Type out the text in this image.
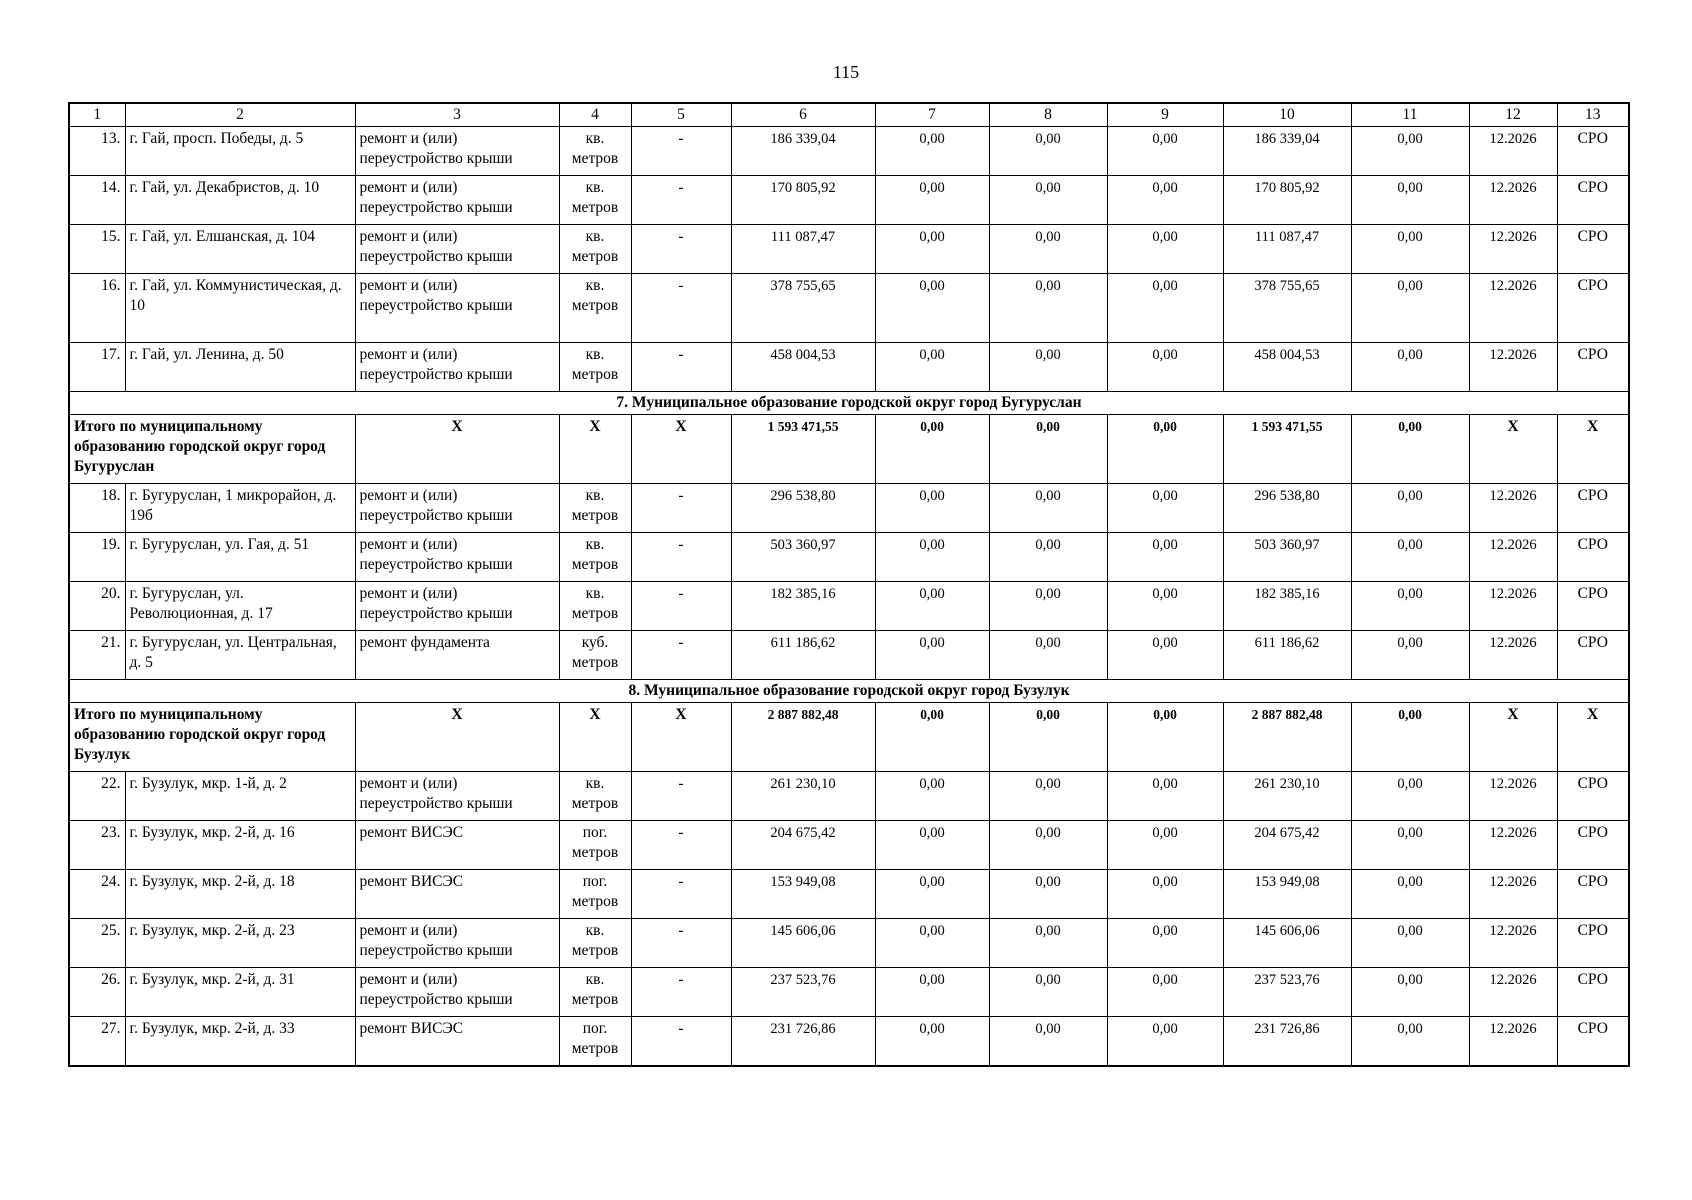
115
1	2	3	4	5	6	7	8	9	10	11	12	13
13.	г. Гай, просп. Победы, д. 5	ремонт и (или) переустройство крыши	кв. метров	-	186 339,04	0,00	0,00	0,00	186 339,04	0,00	12.2026	СРО
14.	г. Гай, ул. Декабристов, д. 10	ремонт и (или) переустройство крыши	кв. метров	-	170 805,92	0,00	0,00	0,00	170 805,92	0,00	12.2026	СРО
15.	г. Гай, ул. Елшанская, д. 104	ремонт и (или) переустройство крыши	кв. метров	-	111 087,47	0,00	0,00	0,00	111 087,47	0,00	12.2026	СРО
16.	г. Гай, ул. Коммунистическая, д. 10	ремонт и (или) переустройство крыши	кв. метров	-	378 755,65	0,00	0,00	0,00	378 755,65	0,00	12.2026	СРО
17.	г. Гай, ул. Ленина, д. 50	ремонт и (или) переустройство крыши	кв. метров	-	458 004,53	0,00	0,00	0,00	458 004,53	0,00	12.2026	СРО
7. Муниципальное образование городской округ город Бугуруслан												
Итого по муниципальному образованию городской округ город Бугуруслан		X	X	X	1 593 471,55	0,00	0,00	0,00	1 593 471,55	0,00	X	X
18.	г. Бугуруслан, 1 микрорайон, д. 19б	ремонт и (или) переустройство крыши	кв. метров	-	296 538,80	0,00	0,00	0,00	296 538,80	0,00	12.2026	СРО
19.	г. Бугуруслан, ул. Гая, д. 51	ремонт и (или) переустройство крыши	кв. метров	-	503 360,97	0,00	0,00	0,00	503 360,97	0,00	12.2026	СРО
20.	г. Бугуруслан, ул. Революционная, д. 17	ремонт и (или) переустройство крыши	кв. метров	-	182 385,16	0,00	0,00	0,00	182 385,16	0,00	12.2026	СРО
21.	г. Бугуруслан, ул. Центральная, д. 5	ремонт фундамента	куб. метров	-	611 186,62	0,00	0,00	0,00	611 186,62	0,00	12.2026	СРО
8. Муниципальное образование городской округ город Бузулук												
Итого по муниципальному образованию городской округ город Бузулук		X	X	X	2 887 882,48	0,00	0,00	0,00	2 887 882,48	0,00	X	X
22.	г. Бузулук, мкр. 1-й, д. 2	ремонт и (или) переустройство крыши	кв. метров	-	261 230,10	0,00	0,00	0,00	261 230,10	0,00	12.2026	СРО
23.	г. Бузулук, мкр. 2-й, д. 16	ремонт ВИСЭС	пог. метров	-	204 675,42	0,00	0,00	0,00	204 675,42	0,00	12.2026	СРО
24.	г. Бузулук, мкр. 2-й, д. 18	ремонт ВИСЭС	пог. метров	-	153 949,08	0,00	0,00	0,00	153 949,08	0,00	12.2026	СРО
25.	г. Бузулук, мкр. 2-й, д. 23	ремонт и (или) переустройство крыши	кв. метров	-	145 606,06	0,00	0,00	0,00	145 606,06	0,00	12.2026	СРО
26.	г. Бузулук, мкр. 2-й, д. 31	ремонт и (или) переустройство крыши	кв. метров	-	237 523,76	0,00	0,00	0,00	237 523,76	0,00	12.2026	СРО
27.	г. Бузулук, мкр. 2-й, д. 33	ремонт ВИСЭС	пог. метров	-	231 726,86	0,00	0,00	0,00	231 726,86	0,00	12.2026	СРО
